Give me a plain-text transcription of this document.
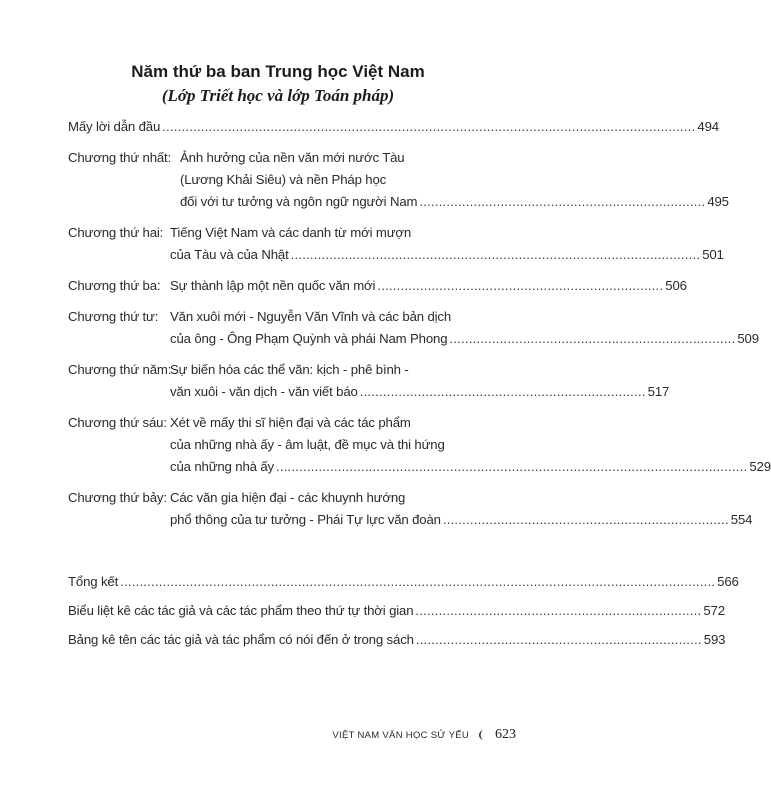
Năm thứ ba ban Trung học Việt Nam
(Lớp Triết học và lớp Toán pháp)
Mấy lời dẫn đầu .......................................................................................................................................... 494
Chương thứ nhất: Ảnh hưởng của nền văn mới nước Tàu
(Lương Khải Siêu) và nền Pháp học
đối với tư tưởng và ngôn ngữ người Nam .......................................................................... 495
Chương thứ hai: Tiếng Việt Nam và các danh từ mới mượn
của Tàu và của Nhật .......................................................................................................... 501
Chương thứ ba: Sự thành lập một nền quốc văn mới .......................................................................... 506
Chương thứ tư: Văn xuôi mới - Nguyễn Văn Vĩnh và các bản dịch
của ông - Ông Phạm Quỳnh và phái Nam Phong .......................................................................... 509
Chương thứ năm:
Sự biến hóa các thể văn: kịch - phê bình -
văn xuôi - văn dịch - văn viết báo .......................................................................... 517
Chương thứ sáu: Xét về mấy thi sĩ hiện đại và các tác phẩm
của những nhà ấy - âm luật, đề mục và thi hứng
của những nhà ấy .......................................................................................................................... 529
Chương thứ bảy: Các văn gia hiện đại - các khuynh hướng
phổ thông của tư tưởng - Phái Tự lực văn đoàn .......................................................................... 554
Tổng kết .......................................................................................................................................................... 566
Biểu liệt kê các tác giả và các tác phẩm theo thứ tự thời gian .......................................................................... 572
Bảng kê tên các tác giả và tác phẩm có nói đến ở trong sách .......................................................................... 593
VIỆT NAM VĂN HỌC SỬ YẾU 623
